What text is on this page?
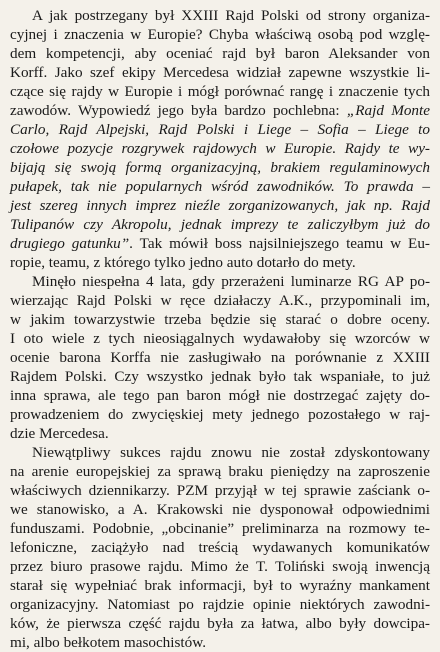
A jak postrzegany był XXIII Rajd Polski od strony organiza-
cyjnej i znaczenia w Europie? Chyba właściwą osobą pod wzglę-
dem kompetencji, aby oceniać rajd był baron Aleksander von
Korff. Jako szef ekipy Mercedesa widział zapewne wszystkie li-
czące się rajdy w Europie i mógł porównać rangę i znaczenie tych
zawodów. Wypowiedź jego była bardzo pochlebna: „Rajd Monte
Carlo, Rajd Alpejski, Rajd Polski i Liege – Sofia – Liege to
czołowe pozycje rozgrywek rajdowych w Europie. Rajdy te wy-
bijają się swoją formą organizacyjną, brakiem regulaminowych
pułapek, tak nie popularnych wśród zawodników. To prawda –
jest szereg innych imprez nieźle zorganizowanych, jak np. Rajd
Tulipanów czy Akropolu, jednak imprezy te zaliczyłbym już do
drugiego gatunku”. Tak mówił boss najsilniejszego teamu w Eu-
ropie, teamu, z którego tylko jedno auto dotarło do mety.
Minęło niespełna 4 lata, gdy przerażeni luminarze RG AP po-
wierzając Rajd Polski w ręce działaczy A.K., przypominali im,
w jakim towarzystwie trzeba będzie się starać o dobre oceny.
I oto wiele z tych nieosiągalnych wydawałoby się wzorców w
ocenie barona Korffa nie zasługiwało na porównanie z XXIII
Rajdem Polski. Czy wszystko jednak było tak wspaniałe, to już
inna sprawa, ale tego pan baron mógł nie dostrzegać zajęty do-
prowadzeniem do zwycięskiej mety jednego pozostałego w raj-
dzie Mercedesa.
Niewątpliwy sukces rajdu znowu nie został zdyskontowany
na arenie europejskiej za sprawą braku pieniędzy na zaproszenie
właściwych dziennikarzy. PZM przyjął w tej sprawie zaściank o-
we stanowisko, a A. Krakowski nie dysponował odpowiednimi
funduszami. Podobnie, „obcinanie” preliminarza na rozmowy te-
lefoniczne, zaciążyło nad treścią wydawanych komunikatów
przez biuro prasowe rajdu. Mimo że T. Toliński swoją inwencją
starał się wypełniać brak informacji, był to wyraźny mankament
organizacyjny. Natomiast po rajdzie opinie niektórych zawodni-
ków, że pierwsza część rajdu była za łatwa, albo były dowcipa-
mi, albo bełkotem masochistów.
